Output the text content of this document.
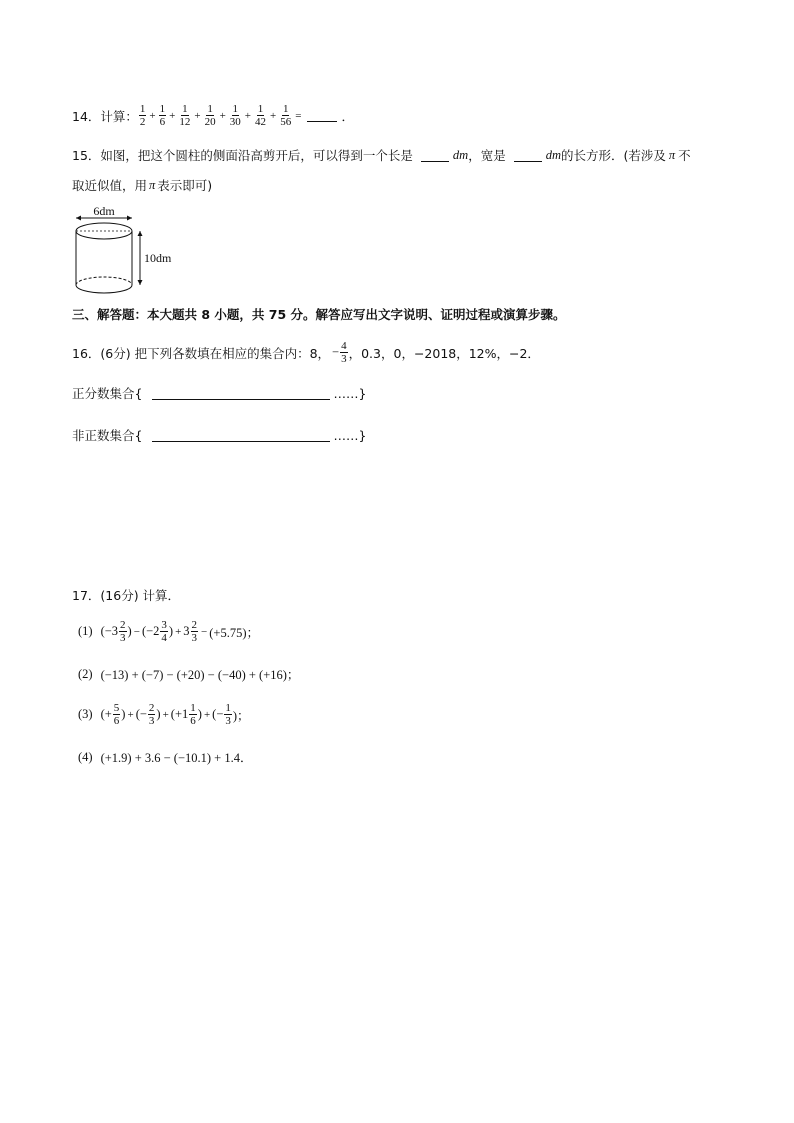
14．计算： $\frac{1}{2} + \frac{1}{6} + \frac{1}{12} + \frac{1}{20} + \frac{1}{30} + \frac{1}{42} + \frac{1}{56}$ =	．
15．如图，把这个圆柱的侧面沿高剪开后，可以得到一个长是	dm ，宽是	dm 的长方形．(若涉及 π 不
取近似值，用 π 表示即可)
6dm
10dm
三、解答题：本大题共 8 小题，共 75 分。解答应写出文字说明、证明过程或演算步骤。
16．(6分) 把下列各数填在相应的集合内：8， − $\frac{4}{3}$ ，0.3，0，−2018，12%，−2．
正分数集合{	……}
非正数集合{	……}
17．(16分) 计算．
(1) ($-3 \frac{2}{3}$ ) − ($-2 \frac{3}{4}$ ) + $3 \frac{2}{3} - (+5.75)$；
(2) (−13) + (−7) − (+20) − (−40) + (+16)；
(3) (+ $\frac{5}{6}$ ) + (− $\frac{2}{3}$ ) + ($+1 \frac{1}{6}$ ) + (− $\frac{1}{3}$ )；
(4) (+1.9) + 3.6 − (−10.1) + 1.4．
